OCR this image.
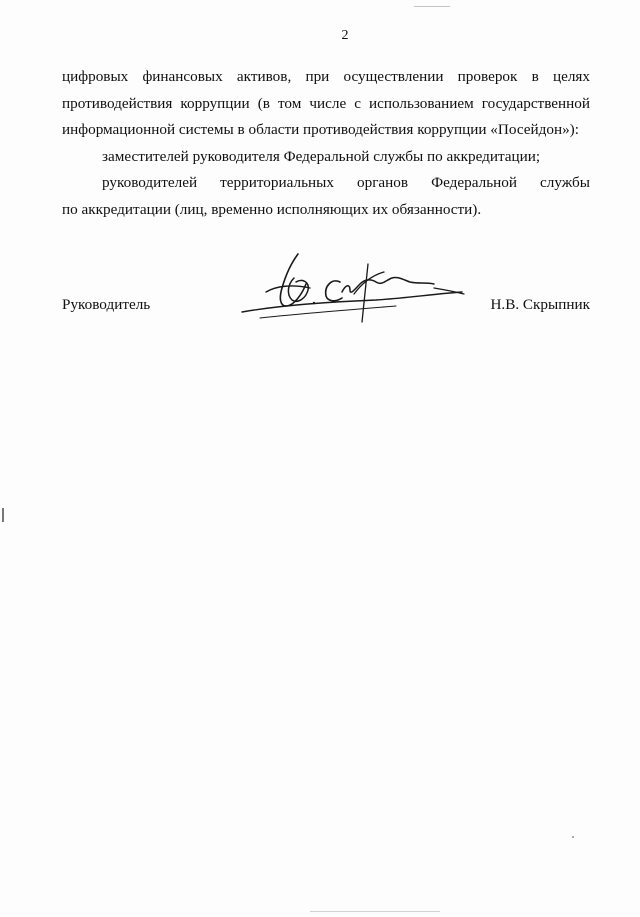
2

цифровых финансовых активов, при осуществлении проверок в целях
противодействия коррупции (в том числе с использованием государственной
информационной системы в области противодействия коррупции «Посейдон»):

заместителей руководителя Федеральной службы по аккредитации;

руководителей территориальных органов Федеральной службы
по аккредитации (лиц, временно исполняющих их обязанности).

Руководитель	Н.В. Скрыпник
